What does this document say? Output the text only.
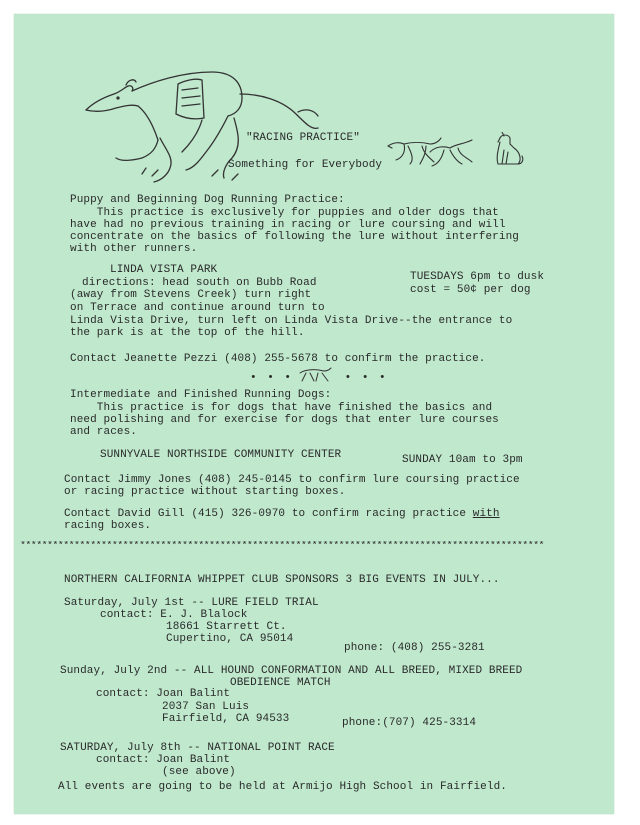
"RACING PRACTICE"
Something for Everybody
Puppy and Beginning Dog Running Practice:
This practice is exclusively for puppies and older dogs that
have had no previous training in racing or lure coursing and will
concentrate on the basics of following the lure without interfering
with other runners.
LINDA VISTA PARK
directions: head south on Bubb Road
(away from Stevens Creek) turn right
on Terrace and continue around turn to
Linda Vista Drive, turn left on Linda Vista Drive--the entrance to
the park is at the top of the hill.
TUESDAYS 6pm to dusk
cost = 50¢ per dog
Contact Jeanette Pezzi (408) 255-5678 to confirm the practice.
• • •      • • •
Intermediate and Finished Running Dogs:
This practice is for dogs that have finished the basics and
need polishing and for exercise for dogs that enter lure courses
and races.
SUNNYVALE NORTHSIDE COMMUNITY CENTER	SUNDAY 10am to 3pm
Contact Jimmy Jones (408) 245-0145 to confirm lure coursing practice
or racing practice without starting boxes.
Contact David Gill (415) 326-0970 to confirm racing practice with
racing boxes.
*************************************************************************************************
NORTHERN CALIFORNIA WHIPPET CLUB SPONSORS 3 BIG EVENTS IN JULY...
Saturday, July 1st -- LURE FIELD TRIAL
contact: E. J. Blalock
18661 Starrett Ct.
Cupertino, CA 95014
phone: (408) 255-3281
Sunday, July 2nd -- ALL HOUND CONFORMATION AND ALL BREED, MIXED BREED
OBEDIENCE MATCH
contact: Joan Balint
2037 San Luis
Fairfield, CA 94533	phone:(707) 425-3314
SATURDAY, July 8th -- NATIONAL POINT RACE
contact: Joan Balint
(see above)
All events are going to be held at Armijo High School in Fairfield.
